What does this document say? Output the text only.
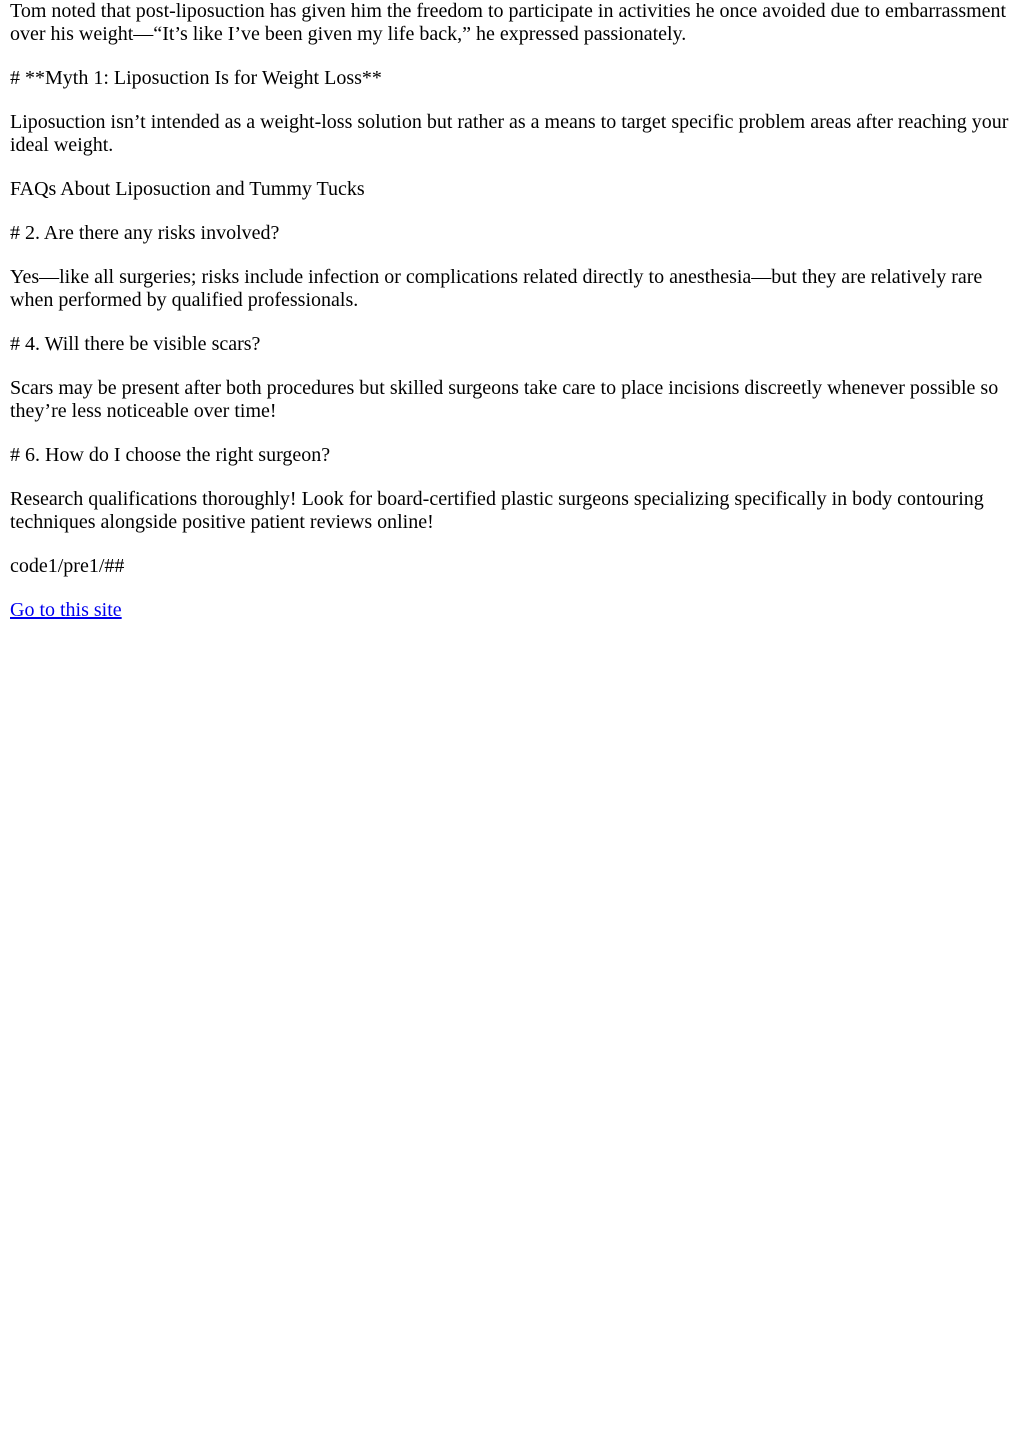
Tom noted that post-liposuction has given him the freedom to participate in activities he once avoided due to embarrassment over his weight—“It’s like I’ve been given my life back,” he expressed passionately.

# **Myth 1: Liposuction Is for Weight Loss**

Liposuction isn’t intended as a weight-loss solution but rather as a means to target specific problem areas after reaching your ideal weight.

FAQs About Liposuction and Tummy Tucks

# 2. Are there any risks involved?

Yes—like all surgeries; risks include infection or complications related directly to anesthesia—but they are relatively rare when performed by qualified professionals.

# 4. Will there be visible scars?

Scars may be present after both procedures but skilled surgeons take care to place incisions discreetly whenever possible so they’re less noticeable over time!

# 6. How do I choose the right surgeon?

Research qualifications thoroughly! Look for board-certified plastic surgeons specializing specifically in body contouring techniques alongside positive patient reviews online!

code1/pre1/##

Go to this site
